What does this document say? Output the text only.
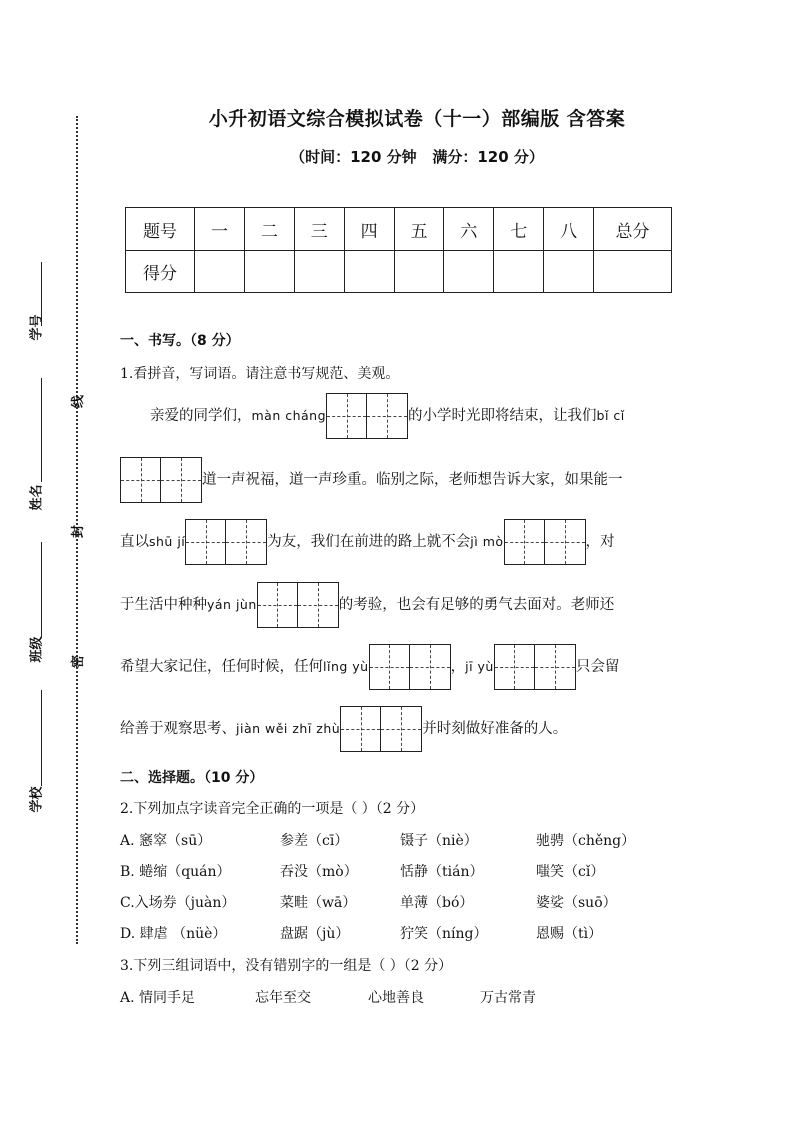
学号
姓名
班级
学校
线
封
密
小升初语文综合模拟试卷（十一）部编版 含答案
（时间：120 分钟   满分：120 分）
题号	一	二	三	四	五	六	七	八	总分
得分									
一、书写。（8 分）
1.看拼音，写词语。请注意书写规范、美观。
亲爱的同学们，màn cháng	的小学时光即将结束，让我们bǐ cǐ
道一声祝福，道一声珍重。临别之际，老师想告诉大家，如果能一
直以shū jí	为友，我们在前进的路上就不会jì mò	，对
于生活中种种yán jùn	的考验，也会有足够的勇气去面对。老师还
希望大家记住，任何时候，任何lǐng yù	，jī yù	只会留
给善于观察思考、jiàn wěi zhī zhù	并时刻做好准备的人。
二、选择题。（10 分）
2.下列加点字读音完全正确的一项是（ ）（2 分）
A. 窸窣（sū）	参差（cī）	镊子（niè）	驰骋（chěng）
B. 蜷缩（quán）	吞没（mò）	恬静（tián）	嗤笑（cǐ）
C.入场券（juàn）	菜畦（wā）	单薄（bó）	婆娑（suō）
D. 肆虐 （nüè）	盘踞（jù）	狞笑（níng）	恩赐（tì）
3.下列三组词语中，没有错别字的一组是（ ）（2 分）
A. 情同手足	忘年至交	心地善良	万古常青
